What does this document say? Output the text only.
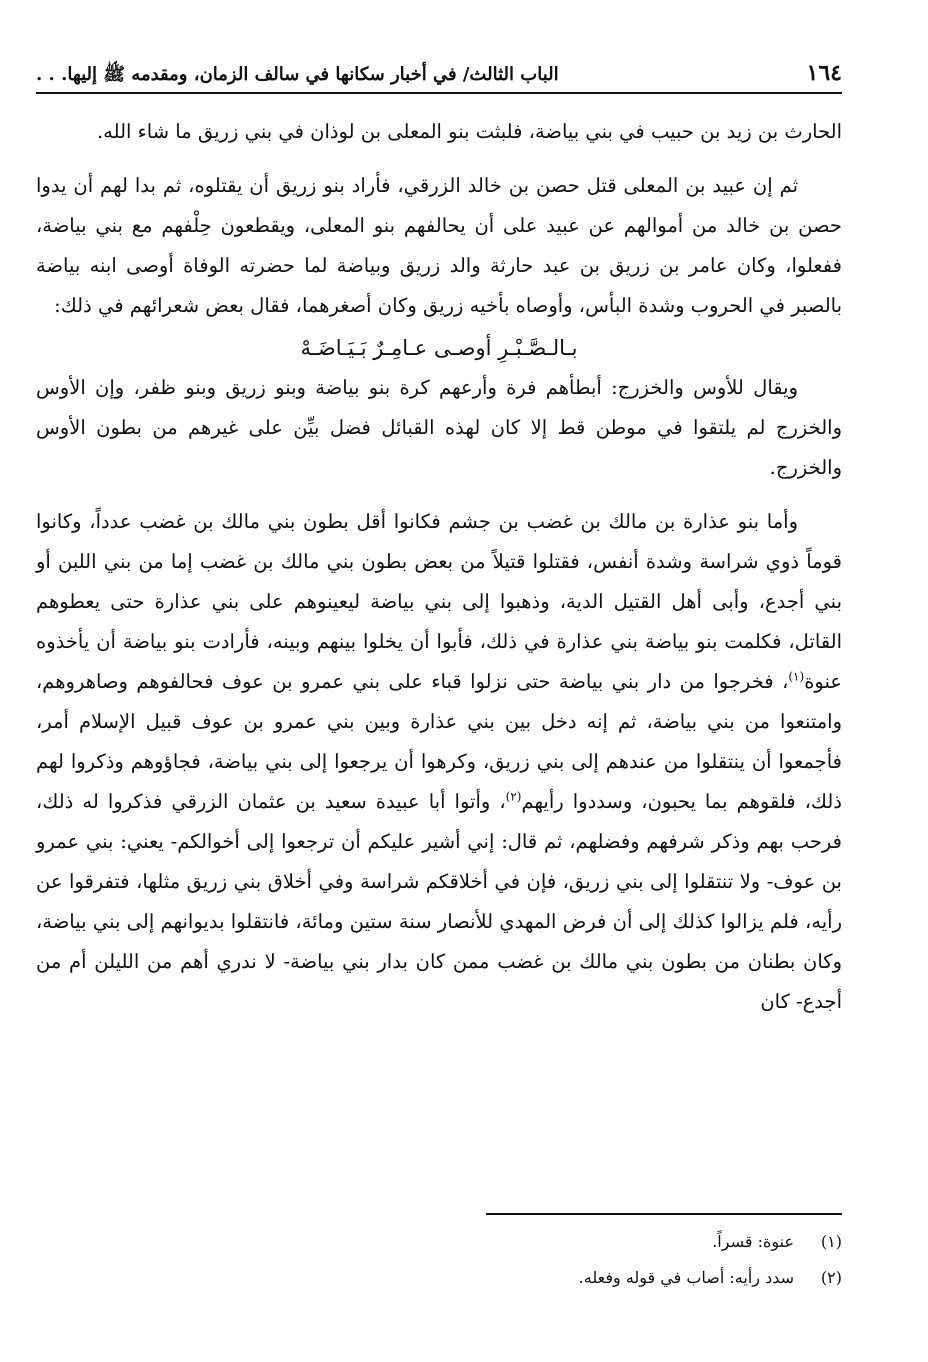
١٦٤
الباب الثالث/ في أخبار سكانها في سالف الزمان، ومقدمه ﷺ إليها. . .

الحارث بن زيد بن حبيب في بني بياضة، فلبثت بنو المعلى بن لوذان في بني زريق ما شاء الله.

ثم إن عبيد بن المعلى قتل حصن بن خالد الزرقي، فأراد بنو زريق أن يقتلوه، ثم بدا لهم أن يدوا حصن بن خالد من أموالهم عن عبيد على أن يحالفهم بنو المعلى، ويقطعون حِلْفهم مع بني بياضة، ففعلوا، وكان عامر بن زريق بن عبد حارثة والد زريق وبياضة لما حضرته الوفاة أوصى ابنه بياضة بالصبر في الحروب وشدة البأس، وأوصاه بأخيه زريق وكان أصغرهما، فقال بعض شعرائهم في ذلك:

بـالـصَّـبْـرِ أوصـى عـامِـرٌ بَـيَـاضَـهْ

ويقال للأوس والخزرج: أبطأهم فرة وأرعهم كرة بنو بياضة وبنو زريق وبنو ظفر، وإن الأوس والخزرج لم يلتقوا في موطن قط إلا كان لهذه القبائل فضل بيِّن على غيرهم من بطون الأوس والخزرج.

وأما بنو عذارة بن مالك بن غضب بن جشم فكانوا أقل بطون بني مالك بن غضب عدداً، وكانوا قوماً ذوي شراسة وشدة أنفس، فقتلوا قتيلاً من بعض بطون بني مالك بن غضب إما من بني اللبن أو بني أجدع، وأبى أهل القتيل الدية، وذهبوا إلى بني بياضة ليعينوهم على بني عذارة حتى يعطوهم القاتل، فكلمت بنو بياضة بني عذارة في ذلك، فأبوا أن يخلوا بينهم وبينه، فأرادت بنو بياضة أن يأخذوه عنوة$^{(١)}$، فخرجوا من دار بني بياضة حتى نزلوا قباء على بني عمرو بن عوف فحالفوهم وصاهروهم، وامتنعوا من بني بياضة، ثم إنه دخل بين بني عذارة وبين بني عمرو بن عوف قبيل الإسلام أمر، فأجمعوا أن ينتقلوا من عندهم إلى بني زريق، وكرهوا أن يرجعوا إلى بني بياضة، فجاؤوهم وذكروا لهم ذلك، فلقوهم بما يحبون، وسددوا رأيهم$^{(٢)}$، وأتوا أبا عبيدة سعيد بن عثمان الزرقي فذكروا له ذلك، فرحب بهم وذكر شرفهم وفضلهم، ثم قال: إني أشير عليكم أن ترجعوا إلى أخوالكم- يعني: بني عمرو بن عوف- ولا تنتقلوا إلى بني زريق، فإن في أخلاقكم شراسة وفي أخلاق بني زريق مثلها، فتفرقوا عن رأيه، فلم يزالوا كذلك إلى أن فرض المهدي للأنصار سنة ستين ومائة، فانتقلوا بديوانهم إلى بني بياضة، وكان بطنان من بطون بني مالك بن غضب ممن كان بدار بني بياضة- لا ندري أهم من الليلن أم من أجدع- كان

(١)
عنوة: قسراً.
(٢)
سدد رأيه: أصاب في قوله وفعله.
